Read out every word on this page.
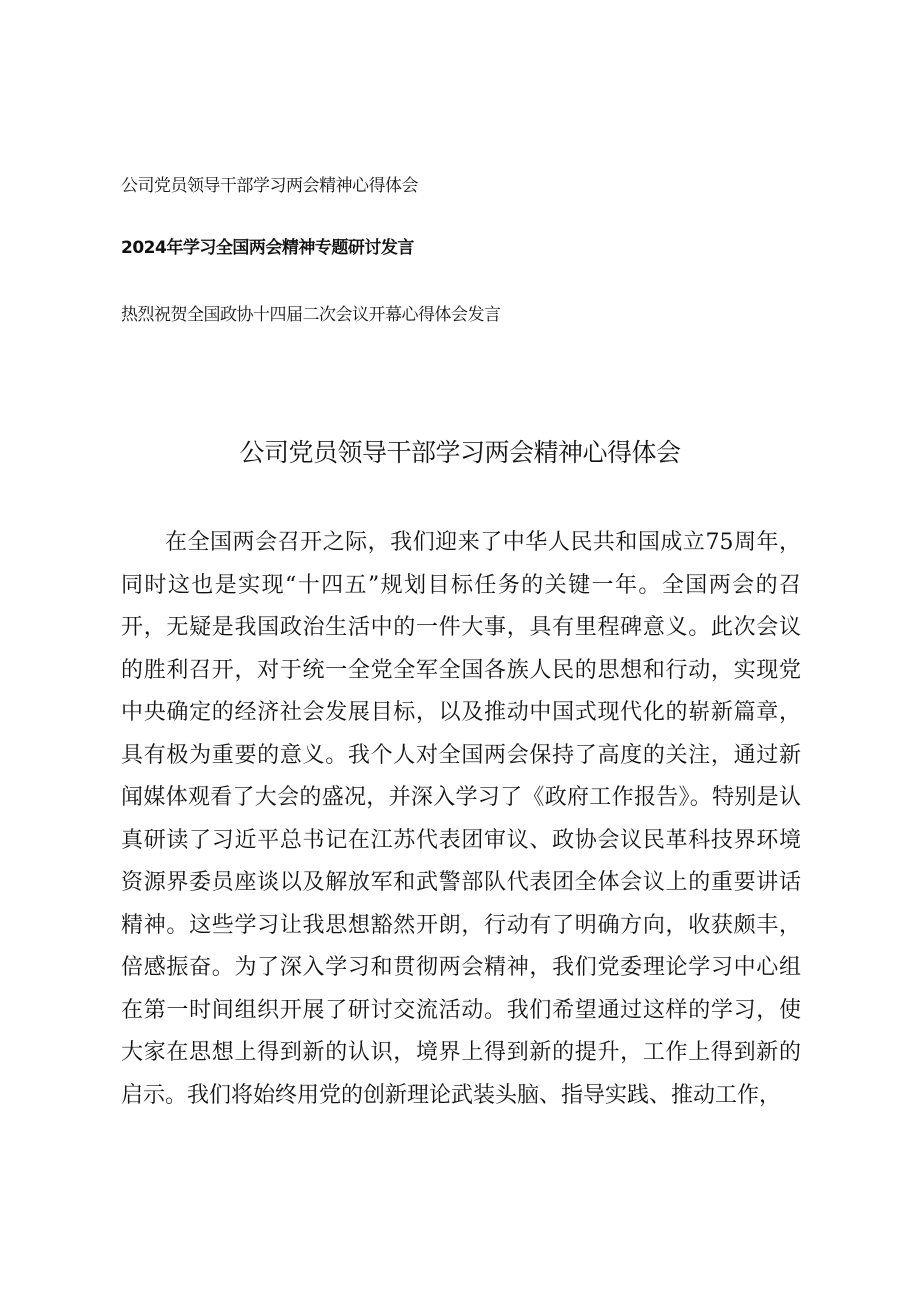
公司党员领导干部学习两会精神心得体会
2024年学习全国两会精神专题研讨发言
热烈祝贺全国政协十四届二次会议开幕心得体会发言
公司党员领导干部学习两会精神心得体会

在全国两会召开之际，我们迎来了中华人民共和国成立75周年，同时这也是实现“十四五”规划目标任务的关键一年。全国两会的召开，无疑是我国政治生活中的一件大事，具有里程碑意义。此次会议的胜利召开，对于统一全党全军全国各族人民的思想和行动，实现党中央确定的经济社会发展目标，以及推动中国式现代化的崭新篇章，具有极为重要的意义。我个人对全国两会保持了高度的关注，通过新闻媒体观看了大会的盛况，并深入学习了《政府工作报告》。特别是认真研读了习近平总书记在江苏代表团审议、政协会议民革科技界环境资源界委员座谈以及解放军和武警部队代表团全体会议上的重要讲话精神。这些学习让我思想豁然开朗，行动有了明确方向，收获颇丰，倍感振奋。为了深入学习和贯彻两会精神，我们党委理论学习中心组在第一时间组织开展了研讨交流活动。我们希望通过这样的学习，使大家在思想上得到新的认识，境界上得到新的提升，工作上得到新的启示。我们将始终用党的创新理论武装头脑、指导实践、推动工作，
